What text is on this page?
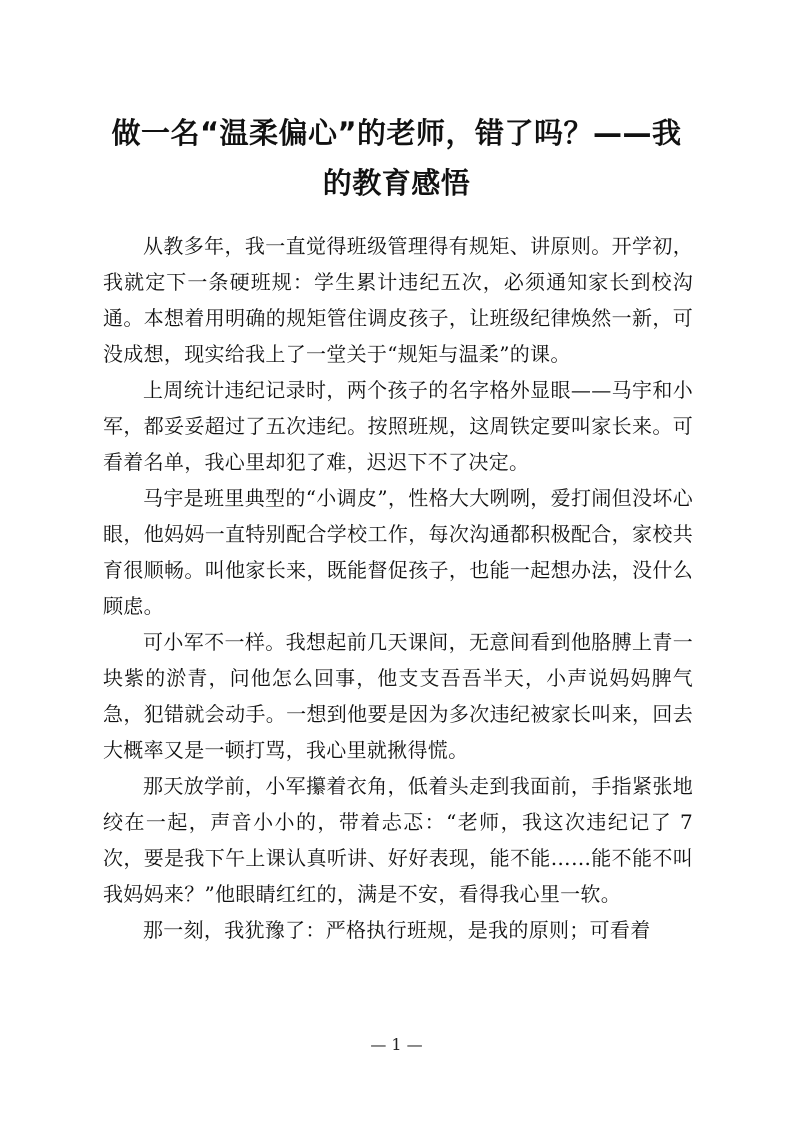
做一名“温柔偏心”的老师，错了吗？——我的教育感悟

从教多年，我一直觉得班级管理得有规矩、讲原则。开学初，我就定下一条硬班规：学生累计违纪五次，必须通知家长到校沟通。本想着用明确的规矩管住调皮孩子，让班级纪律焕然一新，可没成想，现实给我上了一堂关于“规矩与温柔”的课。

上周统计违纪记录时，两个孩子的名字格外显眼——马宇和小军，都妥妥超过了五次违纪。按照班规，这周铁定要叫家长来。可看着名单，我心里却犯了难，迟迟下不了决定。

马宇是班里典型的“小调皮”，性格大大咧咧，爱打闹但没坏心眼，他妈妈一直特别配合学校工作，每次沟通都积极配合，家校共育很顺畅。叫他家长来，既能督促孩子，也能一起想办法，没什么顾虑。

可小军不一样。我想起前几天课间，无意间看到他胳膊上青一块紫的淤青，问他怎么回事，他支支吾吾半天，小声说妈妈脾气急，犯错就会动手。一想到他要是因为多次违纪被家长叫来，回去大概率又是一顿打骂，我心里就揪得慌。

那天放学前，小军攥着衣角，低着头走到我面前，手指紧张地绞在一起，声音小小的，带着忐忑：“老师，我这次违纪记了 7 次，要是我下午上课认真听讲、好好表现，能不能……能不能不叫我妈妈来？”他眼睛红红的，满是不安，看得我心里一软。

那一刻，我犹豫了：严格执行班规，是我的原则；可看着

— 1 —
